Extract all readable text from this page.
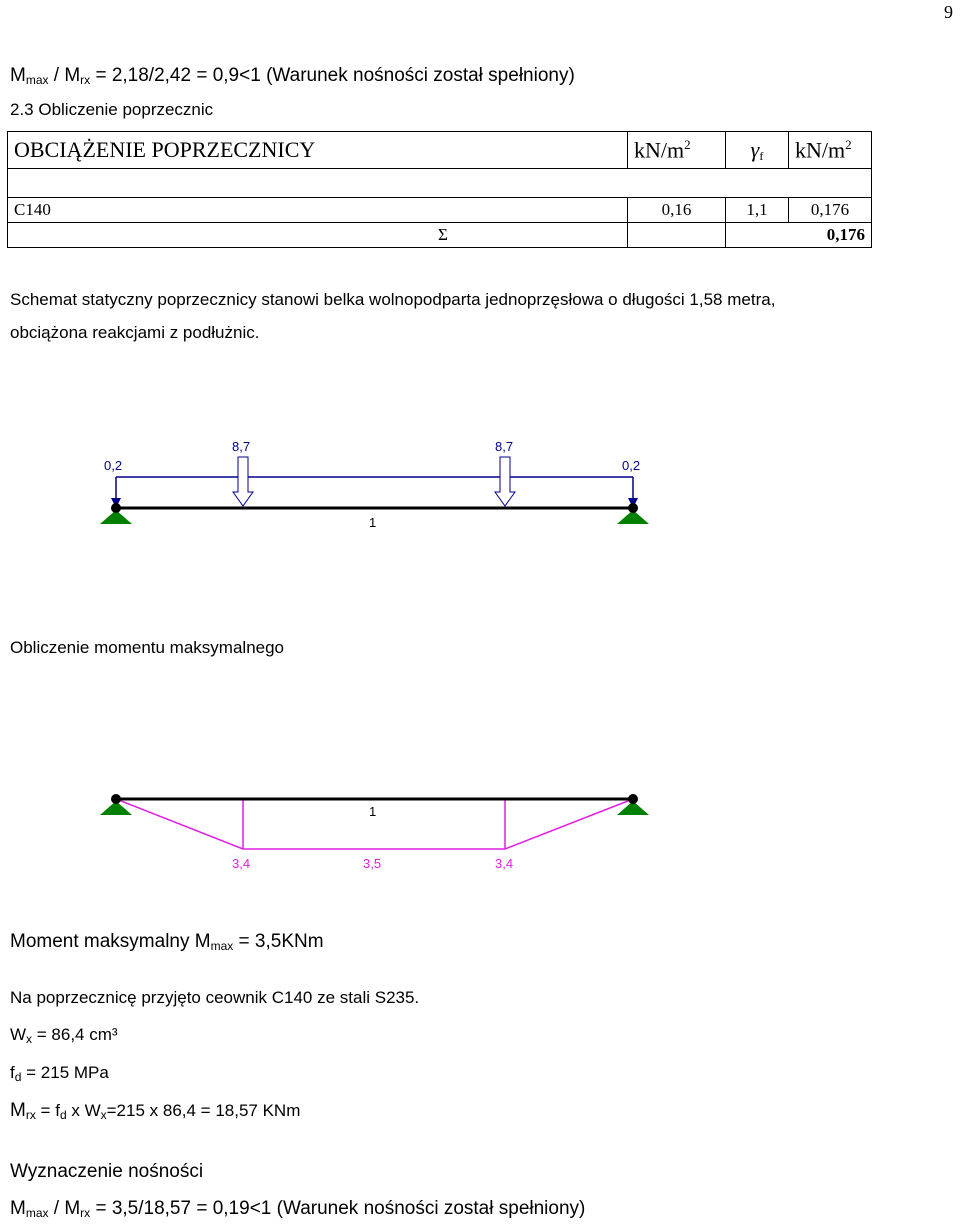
9
$M_{max} / M_{rx} = 2,18/2,42 = 0,9<1$ (Warunek nośności został spełniony)
2.3 Obliczenie poprzecznic
OBCIĄŻENIE POPRZECZNICY	$kN/m^2$	$\gamma_f$	$kN/m^2$

C140	0,16	1,1	0,176
Σ		0,176	
Schemat statyczny poprzecznicy stanowi belka wolnopodparta jednoprzęsłowa o długości 1,58 metra,
obciążona reakcjami z podłużnic.
0,2
8,7	8,7
0,2
1
Obliczenie momentu maksymalnego
1
3,4	3,5	3,4
Moment maksymalny $M_{max} = 3,5KNm$
Na poprzecznicę przyjęto ceownik C140 ze stali S235.
$W_x = 86,4$ cm³
$f_d = 215$ MPa
$M_{rx} = f_d$ x $W_x=215$ x 86,4 = 18,57 KNm
Wyznaczenie nośności
$M_{max} / M_{rx} = 3,5/18,57 = 0,19<1$ (Warunek nośności został spełniony)
